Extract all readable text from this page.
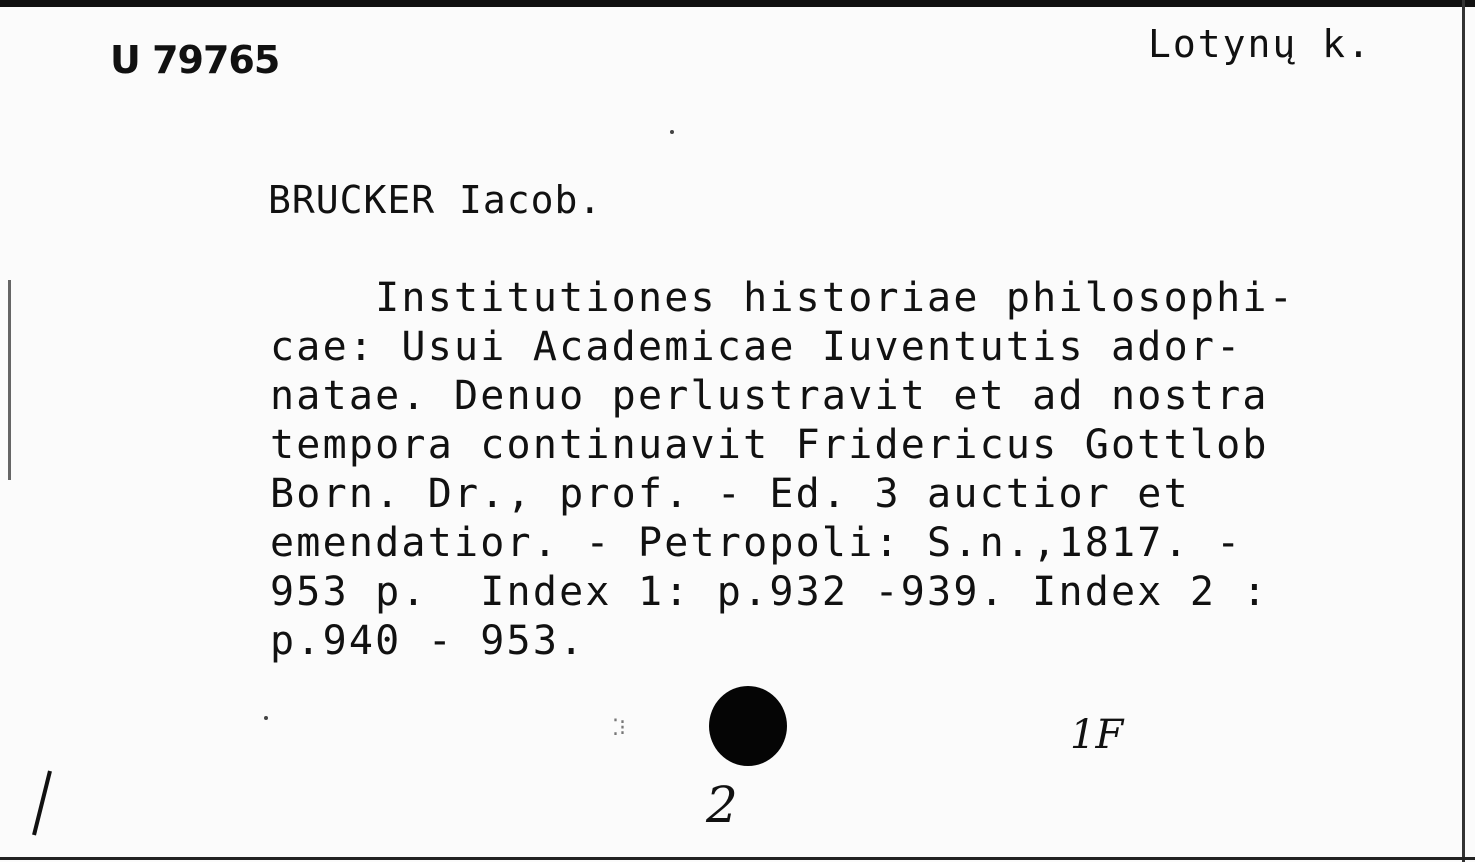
U 79765	Lotynų k.
BRUCKER Iacob.
Institutiones historiae philosophi-
cae: Usui Academicae Iuventutis ador-
natae. Denuo perlustravit et ad nostra
tempora continuavit Fridericus Gottlob
Born. Dr., prof. - Ed. 3 auctior et
emendatior. - Petropoli: S.n.,1817. -
953 p.  Index 1: p.932 -939. Index 2 :
p.940 - 953.
⁚⁝	1F
2
